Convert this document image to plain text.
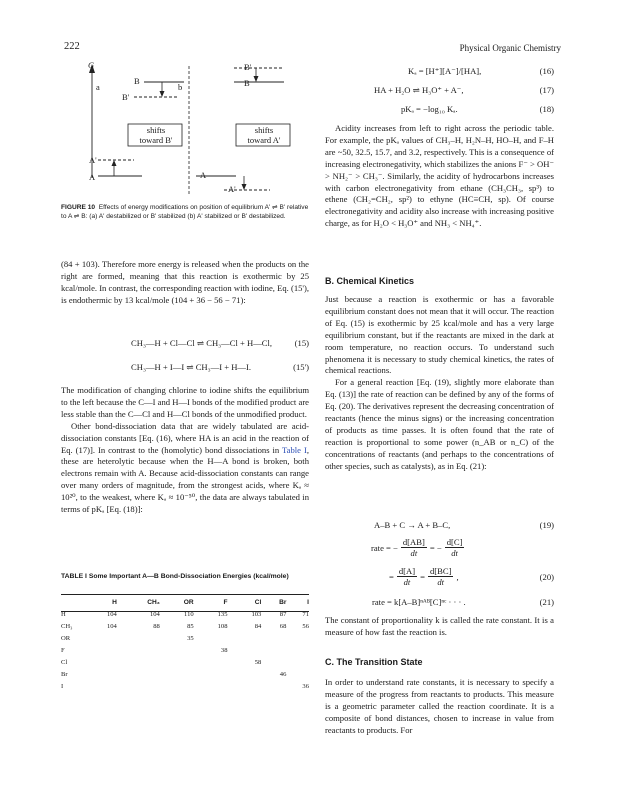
222	Physical Organic Chemistry
G
a	b
B
B'
B'
B
A'
A	A
A'
shifts
toward B'
shifts
toward A'
FIGURE 10 Effects of energy modifications on position of equilibrium A' ⇌ B' relative to A ⇌ B: (a) A' destabilized or B' stabilized (b) A' stabilized or B' destabilized.

(84 + 103). Therefore more energy is released when the products on the right are formed, meaning that this reaction is exothermic by 25 kcal/mole. In contrast, the corresponding reaction with iodine, Eq. (15'), is endothermic by 13 kcal/mole (104 + 36 − 56 − 71):

CH₃—H + Cl—Cl ⇌ CH₃—Cl + H—Cl,	(15)
CH₃—H + I—I ⇌ CH₃—I + H—I.	(15')

The modification of changing chlorine to iodine shifts the equilibrium to the left because the C—I and H—I bonds of the modified product are less stable than the C—Cl and H—Cl bonds of the unmodified product.

Other bond-dissociation data that are widely tabulated are acid-dissociation constants [Eq. (16), where HA is an acid in the reaction of Eq. (17)]. In contrast to the (homolytic) bond dissociations in Table I, these are heterolytic because when the H—A bond is broken, both electrons remain with A. Because acid-dissociation constants can range over many orders of magnitude, from the strongest acids, where Kₐ ≈ 10²⁰, to the weakest, where Kₐ ≈ 10⁻⁵⁰, the data are always tabulated in terms of pKₐ [Eq. (18)]:

TABLE I Some Important A—B Bond-Dissociation Energies (kcal/mole)
	H	CH₃	OR	F	Cl	Br	I
H	104	104	110	135	103	87	71
CH₃	104	88	85	108	84	68	56
OR			35				
F				38			
Cl					58		
Br						46	
I							36
Kₐ = [H⁺][A⁻]/[HA],	(16)
HA + H₂O ⇌ H₃O⁺ + A⁻,	(17)
pKₐ = −log₁₀ Kₐ.	(18)

Acidity increases from left to right across the periodic table. For example, the pKₐ values of CH₃–H, H₂N–H, HO–H, and F–H are ~50, 32.5, 15.7, and 3.2, respectively. This is a consequence of increasing electronegativity, which stabilizes the anions F⁻ > OH⁻ > NH₂⁻ > CH₃⁻. Similarly, the acidity of hydrocarbons increases with carbon electronegativity from ethane (CH₃CH₃, sp³) to ethene (CH₂=CH₂, sp²) to ethyne (HC≡CH, sp). Of course electronegativity and acidity also increase with increasing positive charge, as for H₂O < H₃O⁺ and NH₃ < NH₄⁺.

B. Chemical Kinetics

Just because a reaction is exothermic or has a favorable equilibrium constant does not mean that it will occur. The reaction of Eq. (15) is exothermic by 25 kcal/mole and has a very large equilibrium constant, but if the reactants are mixed in the dark at room temperature, no reaction occurs. To understand such phenomena it is necessary to study chemical kinetics, the rates of chemical reactions.

For a general reaction [Eq. (19), slightly more elaborate than Eq. (13)] the rate of reaction can be defined by any of the forms of Eq. (20). The derivatives represent the decreasing concentration of reactants (hence the minus signs) or the increasing concentration of products as time passes. It is often found that the rate of reaction is proportional to some power (n_AB or n_C) of the concentrations of reactants (and perhaps to the concentrations of other species, such as catalysts), as in Eq. (21):

A–B + C → A + B–C,	(19)
rate = − $\frac{d[AB]}{dt}$ = − $\frac{d[C]}{dt}$
= $\frac{d[A]}{dt} = \frac{d[BC]}{dt}$ ,	(20)
rate = k[A–B]ⁿᴬᴮ[C]ⁿᶜ · · · .	(21)

The constant of proportionality k is called the rate constant. It is a measure of how fast the reaction is.

C. The Transition State

In order to understand rate constants, it is necessary to specify a measure of the progress from reactants to products. This measure is a geometric parameter called the reaction coordinate. It is a composite of bond distances, chosen to increase in value from reactants to products. For
